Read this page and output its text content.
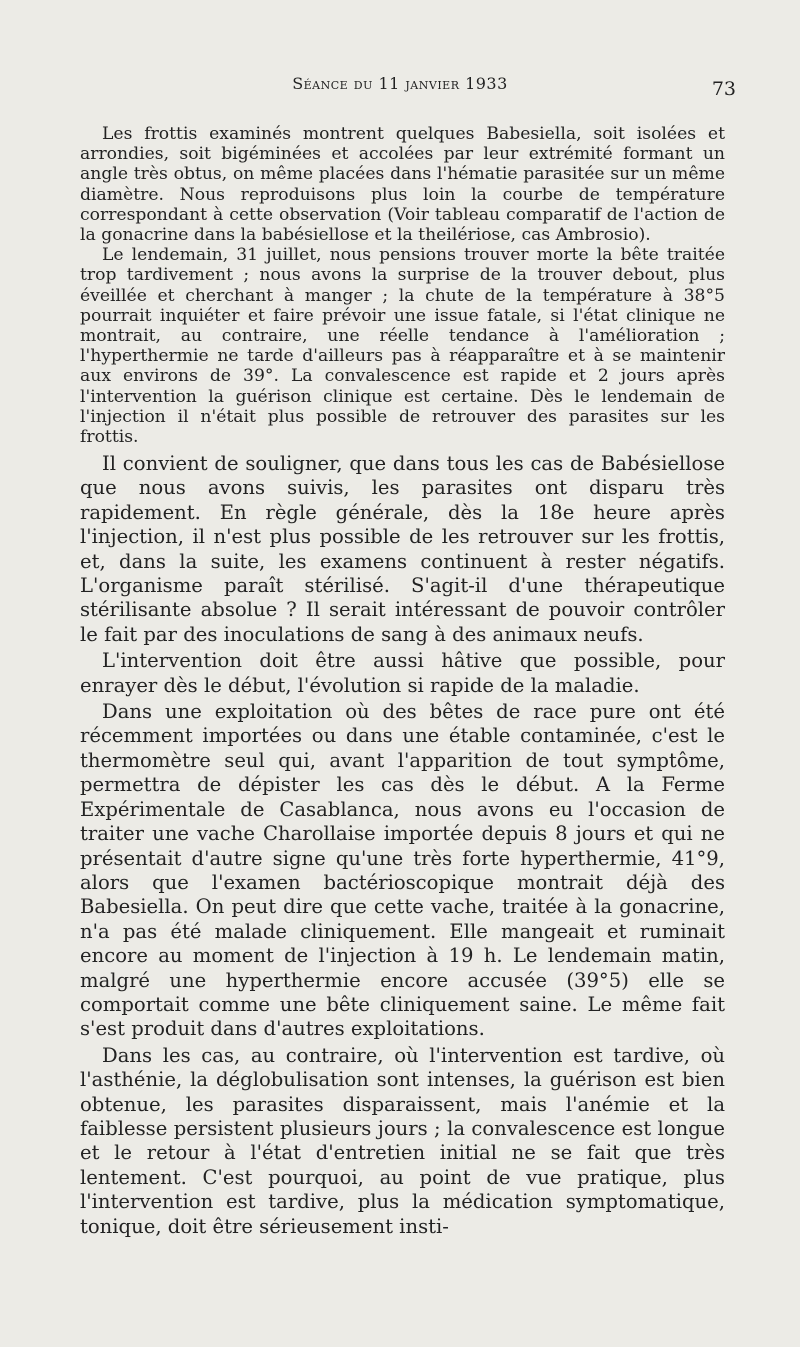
Séance du 11 janvier 1933	73

Les frottis examinés montrent quelques Babesiella, soit isolées et arrondies, soit bigéminées et accolées par leur extrémité formant un angle très obtus, on même placées dans l'hématie parasitée sur un même diamètre. Nous reproduisons plus loin la courbe de température correspondant à cette observation (Voir tableau comparatif de l'action de la gonacrine dans la babésiellose et la theilériose, cas Ambrosio).

Le lendemain, 31 juillet, nous pensions trouver morte la bête traitée trop tardivement ; nous avons la surprise de la trouver debout, plus éveillée et cherchant à manger ; la chute de la température à 38°5 pourrait inquiéter et faire prévoir une issue fatale, si l'état clinique ne montrait, au contraire, une réelle tendance à l'amélioration ; l'hyperthermie ne tarde d'ailleurs pas à réapparaître et à se maintenir aux environs de 39°. La convalescence est rapide et 2 jours après l'intervention la guérison clinique est certaine. Dès le lendemain de l'injection il n'était plus possible de retrouver des parasites sur les frottis.

Il convient de souligner, que dans tous les cas de Babésiellose que nous avons suivis, les parasites ont disparu très rapidement. En règle générale, dès la 18e heure après l'injection, il n'est plus possible de les retrouver sur les frottis, et, dans la suite, les examens continuent à rester négatifs. L'organisme paraît stérilisé. S'agit-il d'une thérapeutique stérilisante absolue ? Il serait intéressant de pouvoir contrôler le fait par des inoculations de sang à des animaux neufs.

L'intervention doit être aussi hâtive que possible, pour enrayer dès le début, l'évolution si rapide de la maladie.

Dans une exploitation où des bêtes de race pure ont été récemment importées ou dans une étable contaminée, c'est le thermomètre seul qui, avant l'apparition de tout symptôme, permettra de dépister les cas dès le début. A la Ferme Expérimentale de Casablanca, nous avons eu l'occasion de traiter une vache Charollaise importée depuis 8 jours et qui ne présentait d'autre signe qu'une très forte hyperthermie, 41°9, alors que l'examen bactérioscopique montrait déjà des Babesiella. On peut dire que cette vache, traitée à la gonacrine, n'a pas été malade cliniquement. Elle mangeait et ruminait encore au moment de l'injection à 19 h. Le lendemain matin, malgré une hyperthermie encore accusée (39°5) elle se comportait comme une bête cliniquement saine. Le même fait s'est produit dans d'autres exploitations.

Dans les cas, au contraire, où l'intervention est tardive, où l'asthénie, la déglobulisation sont intenses, la guérison est bien obtenue, les parasites disparaissent, mais l'anémie et la faiblesse persistent plusieurs jours ; la convalescence est longue et le retour à l'état d'entretien initial ne se fait que très lentement. C'est pourquoi, au point de vue pratique, plus l'intervention est tardive, plus la médication symptomatique, tonique, doit être sérieusement insti-
